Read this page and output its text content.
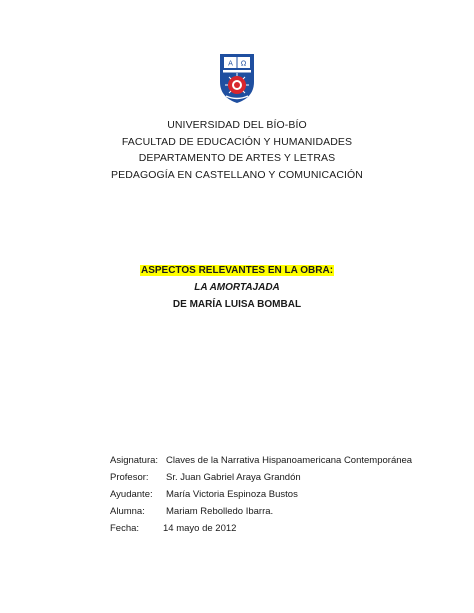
A Ω
UNIVERSIDAD DEL BÍO-BÍO
FACULTAD DE EDUCACIÓN Y HUMANIDADES
DEPARTAMENTO DE ARTES Y LETRAS
PEDAGOGÍA EN CASTELLANO Y COMUNICACIÓN
ASPECTOS RELEVANTES EN LA OBRA:
LA AMORTAJADA
DE MARÍA LUISA BOMBAL
Asignatura: Claves de la Narrativa Hispanoamericana Contemporánea
Profesor: Sr. Juan Gabriel Araya Grandón
Ayudante: María Victoria Espinoza Bustos
Alumna: Mariam Rebolledo Ibarra.
Fecha:	14 mayo de 2012
